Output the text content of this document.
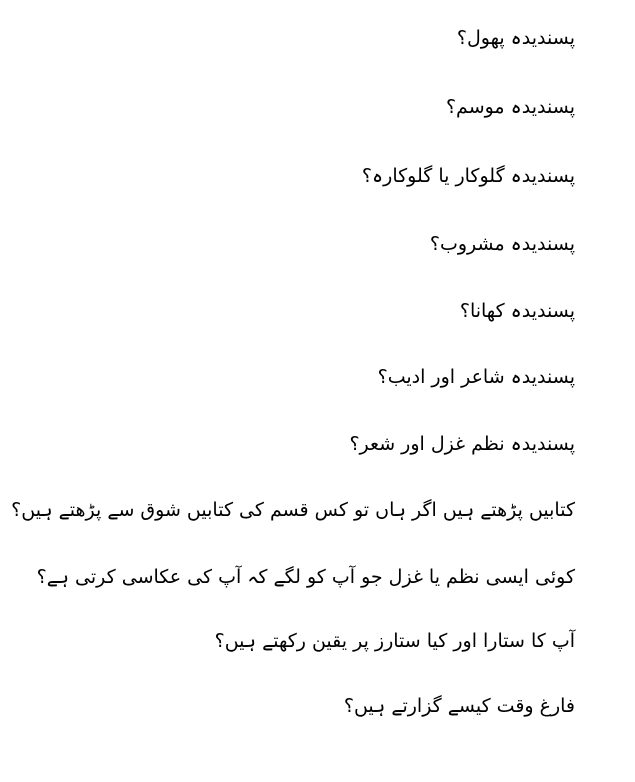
پسندیدہ پھول؟
پسندیدہ موسم؟
پسندیدہ گلوکار یا گلوکارہ؟
پسندیدہ مشروب؟
پسندیدہ کھانا؟
پسندیدہ شاعر اور ادیب؟
پسندیدہ نظم غزل اور شعر؟
کتابیں پڑھتے ہیں اگر ہاں تو کس قسم کی کتابیں شوق سے پڑھتے ہیں؟
کوئی ایسی نظم یا غزل جو آپ کو لگے کہ آپ کی عکاسی کرتی ہے؟
آپ کا ستارا اور کیا ستارز پر یقین رکھتے ہیں؟
فارغ وقت کیسے گزارتے ہیں؟
